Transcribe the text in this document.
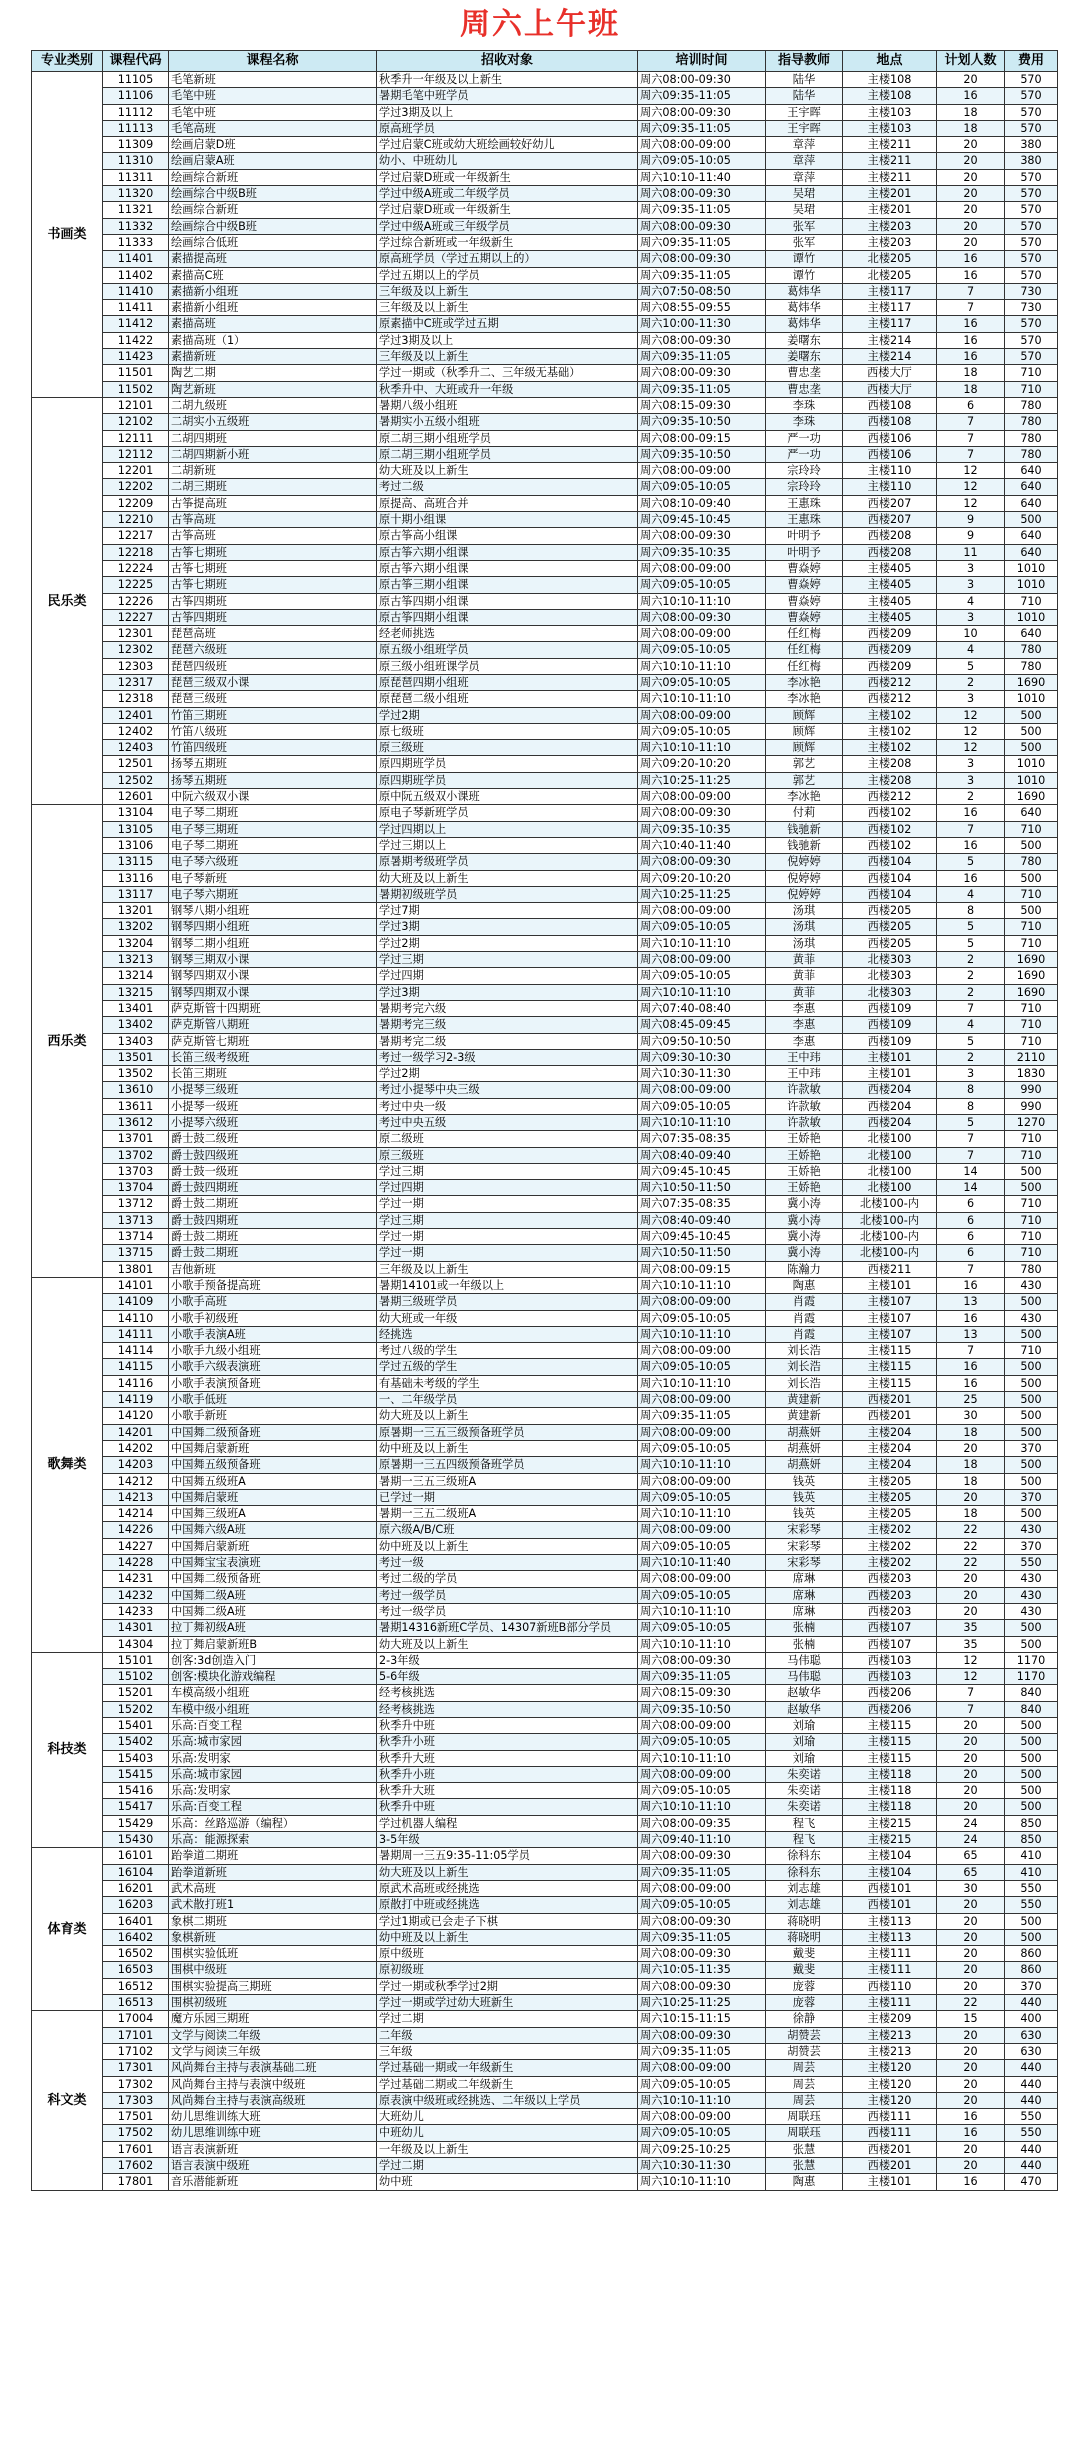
周六上午班
专业类别	课程代码	课程名称	招收对象	培训时间	指导教师	地点	计划人数	费用
书画类	11105	毛笔新班	秋季升一年级及以上新生	周六08:00-09:30	陆华	主楼108	20	570
	11106	毛笔中班	暑期毛笔中班学员	周六09:35-11:05	陆华	主楼108	16	570
	11112	毛笔中班	学过3期及以上	周六08:00-09:30	王宇晖	主楼103	18	570
	11113	毛笔高班	原高班学员	周六09:35-11:05	王宇晖	主楼103	18	570
	11309	绘画启蒙D班	学过启蒙C班或幼大班绘画较好幼儿	周六08:00-09:00	章萍	主楼211	20	380
	11310	绘画启蒙A班	幼小、中班幼儿	周六09:05-10:05	章萍	主楼211	20	380
	11311	绘画综合新班	学过启蒙D班或一年级新生	周六10:10-11:40	章萍	主楼211	20	570
	11320	绘画综合中级B班	学过中级A班或二年级学员	周六08:00-09:30	吴珺	主楼201	20	570
	11321	绘画综合新班	学过启蒙D班或一年级新生	周六09:35-11:05	吴珺	主楼201	20	570
	11332	绘画综合中级B班	学过中级A班或三年级学员	周六08:00-09:30	张军	主楼203	20	570
	11333	绘画综合低班	学过综合新班或一年级新生	周六09:35-11:05	张军	主楼203	20	570
	11401	素描提高班	原高班学员（学过五期以上的）	周六08:00-09:30	谭竹	北楼205	16	570
	11402	素描高C班	学过五期以上的学员	周六09:35-11:05	谭竹	北楼205	16	570
	11410	素描新小组班	三年级及以上新生	周六07:50-08:50	葛炜华	主楼117	7	730
	11411	素描新小组班	三年级及以上新生	周六08:55-09:55	葛炜华	主楼117	7	730
	11412	素描高班	原素描中C班或学过五期	周六10:00-11:30	葛炜华	主楼117	16	570
	11422	素描高班（1）	学过3期及以上	周六08:00-09:30	姜曙东	主楼214	16	570
	11423	素描新班	三年级及以上新生	周六09:35-11:05	姜曙东	主楼214	16	570
	11501	陶艺二期	学过一期或（秋季升二、三年级无基础）	周六08:00-09:30	曹忠垄	西楼大厅	18	710
	11502	陶艺新班	秋季升中、大班或升一年级	周六09:35-11:05	曹忠垄	西楼大厅	18	710
民乐类	12101	二胡九级班	暑期八级小组班	周六08:15-09:30	李珠	西楼108	6	780
	12102	二胡实小五级班	暑期实小五级小组班	周六09:35-10:50	李珠	西楼108	7	780
	12111	二胡四期班	原二胡三期小组班学员	周六08:00-09:15	严一功	西楼106	7	780
	12112	二胡四期新小班	原二胡三期小组班学员	周六09:35-10:50	严一功	西楼106	7	780
	12201	二胡新班	幼大班及以上新生	周六08:00-09:00	宗玲玲	主楼110	12	640
	12202	二胡三期班	考过二级	周六09:05-10:05	宗玲玲	主楼110	12	640
	12209	古筝提高班	原提高、高班合并	周六08:10-09:40	王惠珠	西楼207	12	640
	12210	古筝高班	原十期小组课	周六09:45-10:45	王惠珠	西楼207	9	500
	12217	古筝高班	原古筝高小组课	周六08:00-09:30	叶明予	西楼208	9	640
	12218	古筝七期班	原古筝六期小组课	周六09:35-10:35	叶明予	西楼208	11	640
	12224	古筝七期班	原古筝六期小组课	周六08:00-09:00	曹焱婷	主楼405	3	1010
	12225	古筝七期班	原古筝三期小组课	周六09:05-10:05	曹焱婷	主楼405	3	1010
	12226	古筝四期班	原古筝四期小组课	周六10:10-11:10	曹焱婷	主楼405	4	710
	12227	古筝四期班	原古筝四期小组课	周六08:00-09:30	曹焱婷	主楼405	3	1010
	12301	琵琶高班	经老师挑选	周六08:00-09:00	任红梅	西楼209	10	640
	12302	琵琶六级班	原五级小组班学员	周六09:05-10:05	任红梅	西楼209	4	780
	12303	琵琶四级班	原三级小组班课学员	周六10:10-11:10	任红梅	西楼209	5	780
	12317	琵琶三级双小课	原琵琶四期小组班	周六09:05-10:05	李冰艳	西楼212	2	1690
	12318	琵琶三级班	原琵琶二级小组班	周六10:10-11:10	李冰艳	西楼212	3	1010
	12401	竹笛三期班	学过2期	周六08:00-09:00	顾辉	主楼102	12	500
	12402	竹笛八级班	原七级班	周六09:05-10:05	顾辉	主楼102	12	500
	12403	竹笛四级班	原三级班	周六10:10-11:10	顾辉	主楼102	12	500
	12501	扬琴五期班	原四期班学员	周六09:20-10:20	郭艺	主楼208	3	1010
	12502	扬琴五期班	原四期班学员	周六10:25-11:25	郭艺	主楼208	3	1010
	12601	中阮六级双小课	原中阮五级双小课班	周六08:00-09:00	李冰艳	西楼212	2	1690
西乐类	13104	电子琴二期班	原电子琴新班学员	周六08:00-09:30	付莉	西楼102	16	640
	13105	电子琴三期班	学过四期以上	周六09:35-10:35	钱驰新	西楼102	7	710
	13106	电子琴二期班	学过三期以上	周六10:40-11:40	钱驰新	西楼102	16	500
	13115	电子琴六级班	原暑期考级班学员	周六08:00-09:30	倪婷婷	西楼104	5	780
	13116	电子琴新班	幼大班及以上新生	周六09:20-10:20	倪婷婷	西楼104	16	500
	13117	电子琴六期班	暑期初级班学员	周六10:25-11:25	倪婷婷	西楼104	4	710
	13201	钢琴八期小组班	学过7期	周六08:00-09:00	汤琪	西楼205	8	500
	13202	钢琴四期小组班	学过3期	周六09:05-10:05	汤琪	西楼205	5	710
	13204	钢琴二期小组班	学过2期	周六10:10-11:10	汤琪	西楼205	5	710
	13213	钢琴三期双小课	学过三期	周六08:00-09:00	黄菲	北楼303	2	1690
	13214	钢琴四期双小课	学过四期	周六09:05-10:05	黄菲	北楼303	2	1690
	13215	钢琴四期双小课	学过3期	周六10:10-11:10	黄菲	北楼303	2	1690
	13401	萨克斯管十四期班	暑期考完六级	周六07:40-08:40	李惠	西楼109	7	710
	13402	萨克斯管八期班	暑期考完三级	周六08:45-09:45	李惠	西楼109	4	710
	13403	萨克斯管七期班	暑期考完二级	周六09:50-10:50	李惠	西楼109	5	710
	13501	长笛三级考级班	考过一级学习2-3级	周六09:30-10:30	王中玮	主楼101	2	2110
	13502	长笛三期班	学过2期	周六10:30-11:30	王中玮	主楼101	3	1830
	13610	小提琴三级班	考过小提琴中央三级	周六08:00-09:00	许款敏	西楼204	8	990
	13611	小提琴一级班	考过中央一级	周六09:05-10:05	许款敏	西楼204	8	990
	13612	小提琴六级班	考过中央五级	周六10:10-11:10	许款敏	西楼204	5	1270
	13701	爵士鼓二级班	原二级班	周六07:35-08:35	王娇艳	北楼100	7	710
	13702	爵士鼓四级班	原三级班	周六08:40-09:40	王娇艳	北楼100	7	710
	13703	爵士鼓一级班	学过三期	周六09:45-10:45	王娇艳	北楼100	14	500
	13704	爵士鼓四期班	学过四期	周六10:50-11:50	王娇艳	北楼100	14	500
	13712	爵士鼓二期班	学过一期	周六07:35-08:35	冀小涛	北楼100-内	6	710
	13713	爵士鼓四期班	学过三期	周六08:40-09:40	冀小涛	北楼100-内	6	710
	13714	爵士鼓二期班	学过一期	周六09:45-10:45	冀小涛	北楼100-内	6	710
	13715	爵士鼓二期班	学过一期	周六10:50-11:50	冀小涛	北楼100-内	6	710
	13801	吉他新班	三年级及以上新生	周六08:00-09:15	陈瀚力	西楼211	7	780
歌舞类	14101	小歌手预备提高班	暑期14101或一年级以上	周六10:10-11:10	陶惠	主楼101	16	430
	14109	小歌手高班	暑期三级班学员	周六08:00-09:00	肖霞	主楼107	13	500
	14110	小歌手初级班	幼大班或一年级	周六09:05-10:05	肖霞	主楼107	16	430
	14111	小歌手表演A班	经挑选	周六10:10-11:10	肖霞	主楼107	13	500
	14114	小歌手九级小组班	考过八级的学生	周六08:00-09:00	刘长浩	主楼115	7	710
	14115	小歌手六级表演班	学过五级的学生	周六09:05-10:05	刘长浩	主楼115	16	500
	14116	小歌手表演预备班	有基础未考级的学生	周六10:10-11:10	刘长浩	主楼115	16	500
	14119	小歌手低班	一、二年级学员	周六08:00-09:00	黄建新	西楼201	25	500
	14120	小歌手新班	幼大班及以上新生	周六09:35-11:05	黄建新	西楼201	30	500
	14201	中国舞二级预备班	原暑期一三五三级预备班学员	周六08:00-09:00	胡燕妍	主楼204	18	500
	14202	中国舞启蒙新班	幼中班及以上新生	周六09:05-10:05	胡燕妍	主楼204	20	370
	14203	中国舞五级预备班	原暑期一三五四级预备班学员	周六10:10-11:10	胡燕妍	主楼204	18	500
	14212	中国舞五级班A	暑期一三五三级班A	周六08:00-09:00	钱英	主楼205	18	500
	14213	中国舞启蒙班	已学过一期	周六09:05-10:05	钱英	主楼205	20	370
	14214	中国舞三级班A	暑期一三五二级班A	周六10:10-11:10	钱英	主楼205	18	500
	14226	中国舞六级A班	原六级A/B/C班	周六08:00-09:00	宋彩琴	主楼202	22	430
	14227	中国舞启蒙新班	幼中班及以上新生	周六09:05-10:05	宋彩琴	主楼202	22	370
	14228	中国舞宝宝表演班	考过一级	周六10:10-11:40	宋彩琴	主楼202	22	550
	14231	中国舞二级预备班	考过二级的学员	周六08:00-09:00	席琳	西楼203	20	430
	14232	中国舞二级A班	考过一级学员	周六09:05-10:05	席琳	西楼203	20	430
	14233	中国舞二级A班	考过一级学员	周六10:10-11:10	席琳	西楼203	20	430
	14301	拉丁舞初级A班	暑期14316新班C学员、14307新班B部分学员	周六09:05-10:05	张楠	西楼107	35	500
	14304	拉丁舞启蒙新班B	幼大班及以上新生	周六10:10-11:10	张楠	西楼107	35	500
科技类	15101	创客:3d创造入门	2-3年级	周六08:00-09:30	马伟聪	西楼103	12	1170
	15102	创客:模块化游戏编程	5-6年级	周六09:35-11:05	马伟聪	西楼103	12	1170
	15201	车模高级小组班	经考核挑选	周六08:15-09:30	赵敏华	西楼206	7	840
	15202	车模中级小组班	经考核挑选	周六09:35-10:50	赵敏华	西楼206	7	840
	15401	乐高:百变工程	秋季升中班	周六08:00-09:00	刘瑜	主楼115	20	500
	15402	乐高:城市家园	秋季升小班	周六09:05-10:05	刘瑜	主楼115	20	500
	15403	乐高:发明家	秋季升大班	周六10:10-11:10	刘瑜	主楼115	20	500
	15415	乐高:城市家园	秋季升小班	周六08:00-09:00	朱奕诺	主楼118	20	500
	15416	乐高:发明家	秋季升大班	周六09:05-10:05	朱奕诺	主楼118	20	500
	15417	乐高:百变工程	秋季升中班	周六10:10-11:10	朱奕诺	主楼118	20	500
	15429	乐高：丝路巡游（编程）	学过机器人编程	周六08:00-09:35	程飞	主楼215	24	850
	15430	乐高：能源探索	3-5年级	周六09:40-11:10	程飞	主楼215	24	850
体育类	16101	跆拳道二期班	暑期周一三五9:35-11:05学员	周六08:00-09:30	徐科东	主楼104	65	410
	16104	跆拳道新班	幼大班及以上新生	周六09:35-11:05	徐科东	主楼104	65	410
	16201	武术高班	原武术高班或经挑选	周六08:00-09:00	刘志雄	西楼101	30	550
	16203	武术散打班1	原散打中班或经挑选	周六09:05-10:05	刘志雄	西楼101	20	550
	16401	象棋二期班	学过1期或已会走子下棋	周六08:00-09:30	蒋晓明	主楼113	20	500
	16402	象棋新班	幼中班及以上新生	周六09:35-11:05	蒋晓明	主楼113	20	500
	16502	围棋实验低班	原中级班	周六08:00-09:30	戴斐	主楼111	20	860
	16503	围棋中级班	原初级班	周六10:05-11:35	戴斐	主楼111	20	860
	16512	围棋实验提高三期班	学过一期或秋季学过2期	周六08:00-09:30	庞蓉	西楼110	20	370
	16513	围棋初级班	学过一期或学过幼大班新生	周六10:25-11:25	庞蓉	主楼111	22	440
科文类	17004	魔方乐园三期班	学过二期	周六10:15-11:15	徐静	主楼209	15	400
	17101	文学与阅读二年级	二年级	周六08:00-09:30	胡赞芸	主楼213	20	630
	17102	文学与阅读三年级	三年级	周六09:35-11:05	胡赞芸	主楼213	20	630
	17301	风尚舞台主持与表演基础二班	学过基础一期或一年级新生	周六08:00-09:00	周芸	主楼120	20	440
	17302	风尚舞台主持与表演中级班	学过基础二期或二年级新生	周六09:05-10:05	周芸	主楼120	20	440
	17303	风尚舞台主持与表演高级班	原表演中级班或经挑选、二年级以上学员	周六10:10-11:10	周芸	主楼120	20	440
	17501	幼儿思维训练大班	大班幼儿	周六08:00-09:00	周联珏	西楼111	16	550
	17502	幼儿思维训练中班	中班幼儿	周六09:05-10:05	周联珏	西楼111	16	550
	17601	语言表演新班	一年级及以上新生	周六09:25-10:25	张慧	西楼201	20	440
	17602	语言表演中级班	学过二期	周六10:30-11:30	张慧	西楼201	20	440
	17801	音乐潜能新班	幼中班	周六10:10-11:10	陶惠	主楼101	16	470
